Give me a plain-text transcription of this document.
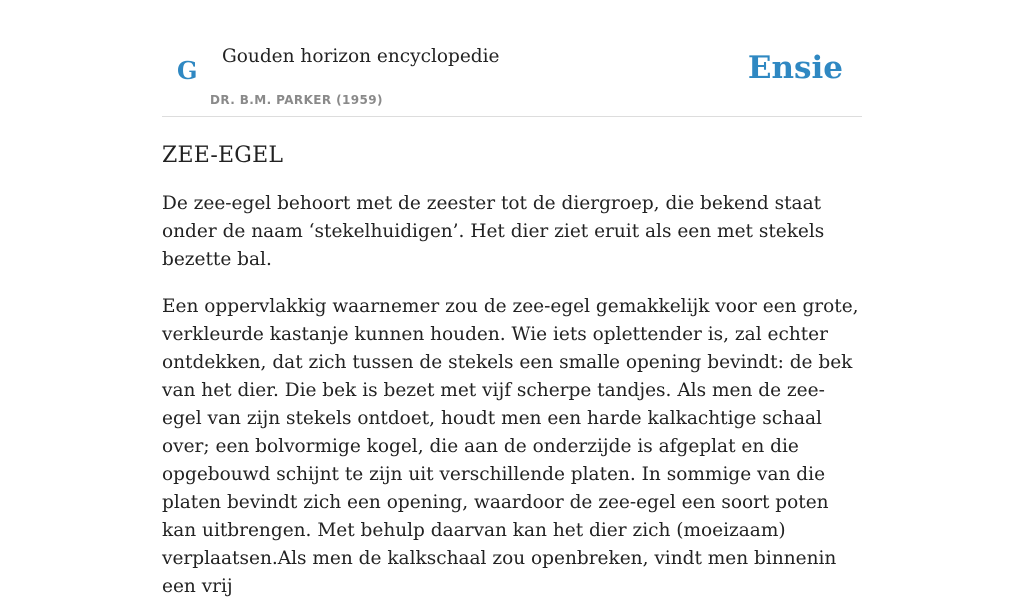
G Gouden horizon encyclopedie
DR. B.M. PARKER (1959)
Ensie
ZEE-EGEL

De zee-egel behoort met de zeester tot de diergroep, die bekend staat onder de naam ‘stekelhuidigen’. Het dier ziet eruit als een met stekels bezette bal.

Een oppervlakkig waarnemer zou de zee-egel gemakkelijk voor een grote, verkleurde kastanje kunnen houden. Wie iets oplettender is, zal echter ontdekken, dat zich tussen de stekels een smalle opening bevindt: de bek van het dier. Die bek is bezet met vijf scherpe tandjes. Als men de zee-egel van zijn stekels ontdoet, houdt men een harde kalkachtige schaal over; een bolvormige kogel, die aan de onderzijde is afgeplat en die opgebouwd schijnt te zijn uit verschillende platen. In sommige van die platen bevindt zich een opening, waardoor de zee-egel een soort poten kan uitbrengen. Met behulp daarvan kan het dier zich (moeizaam) verplaatsen.Als men de kalkschaal zou openbreken, vindt men binnenin een vrij
